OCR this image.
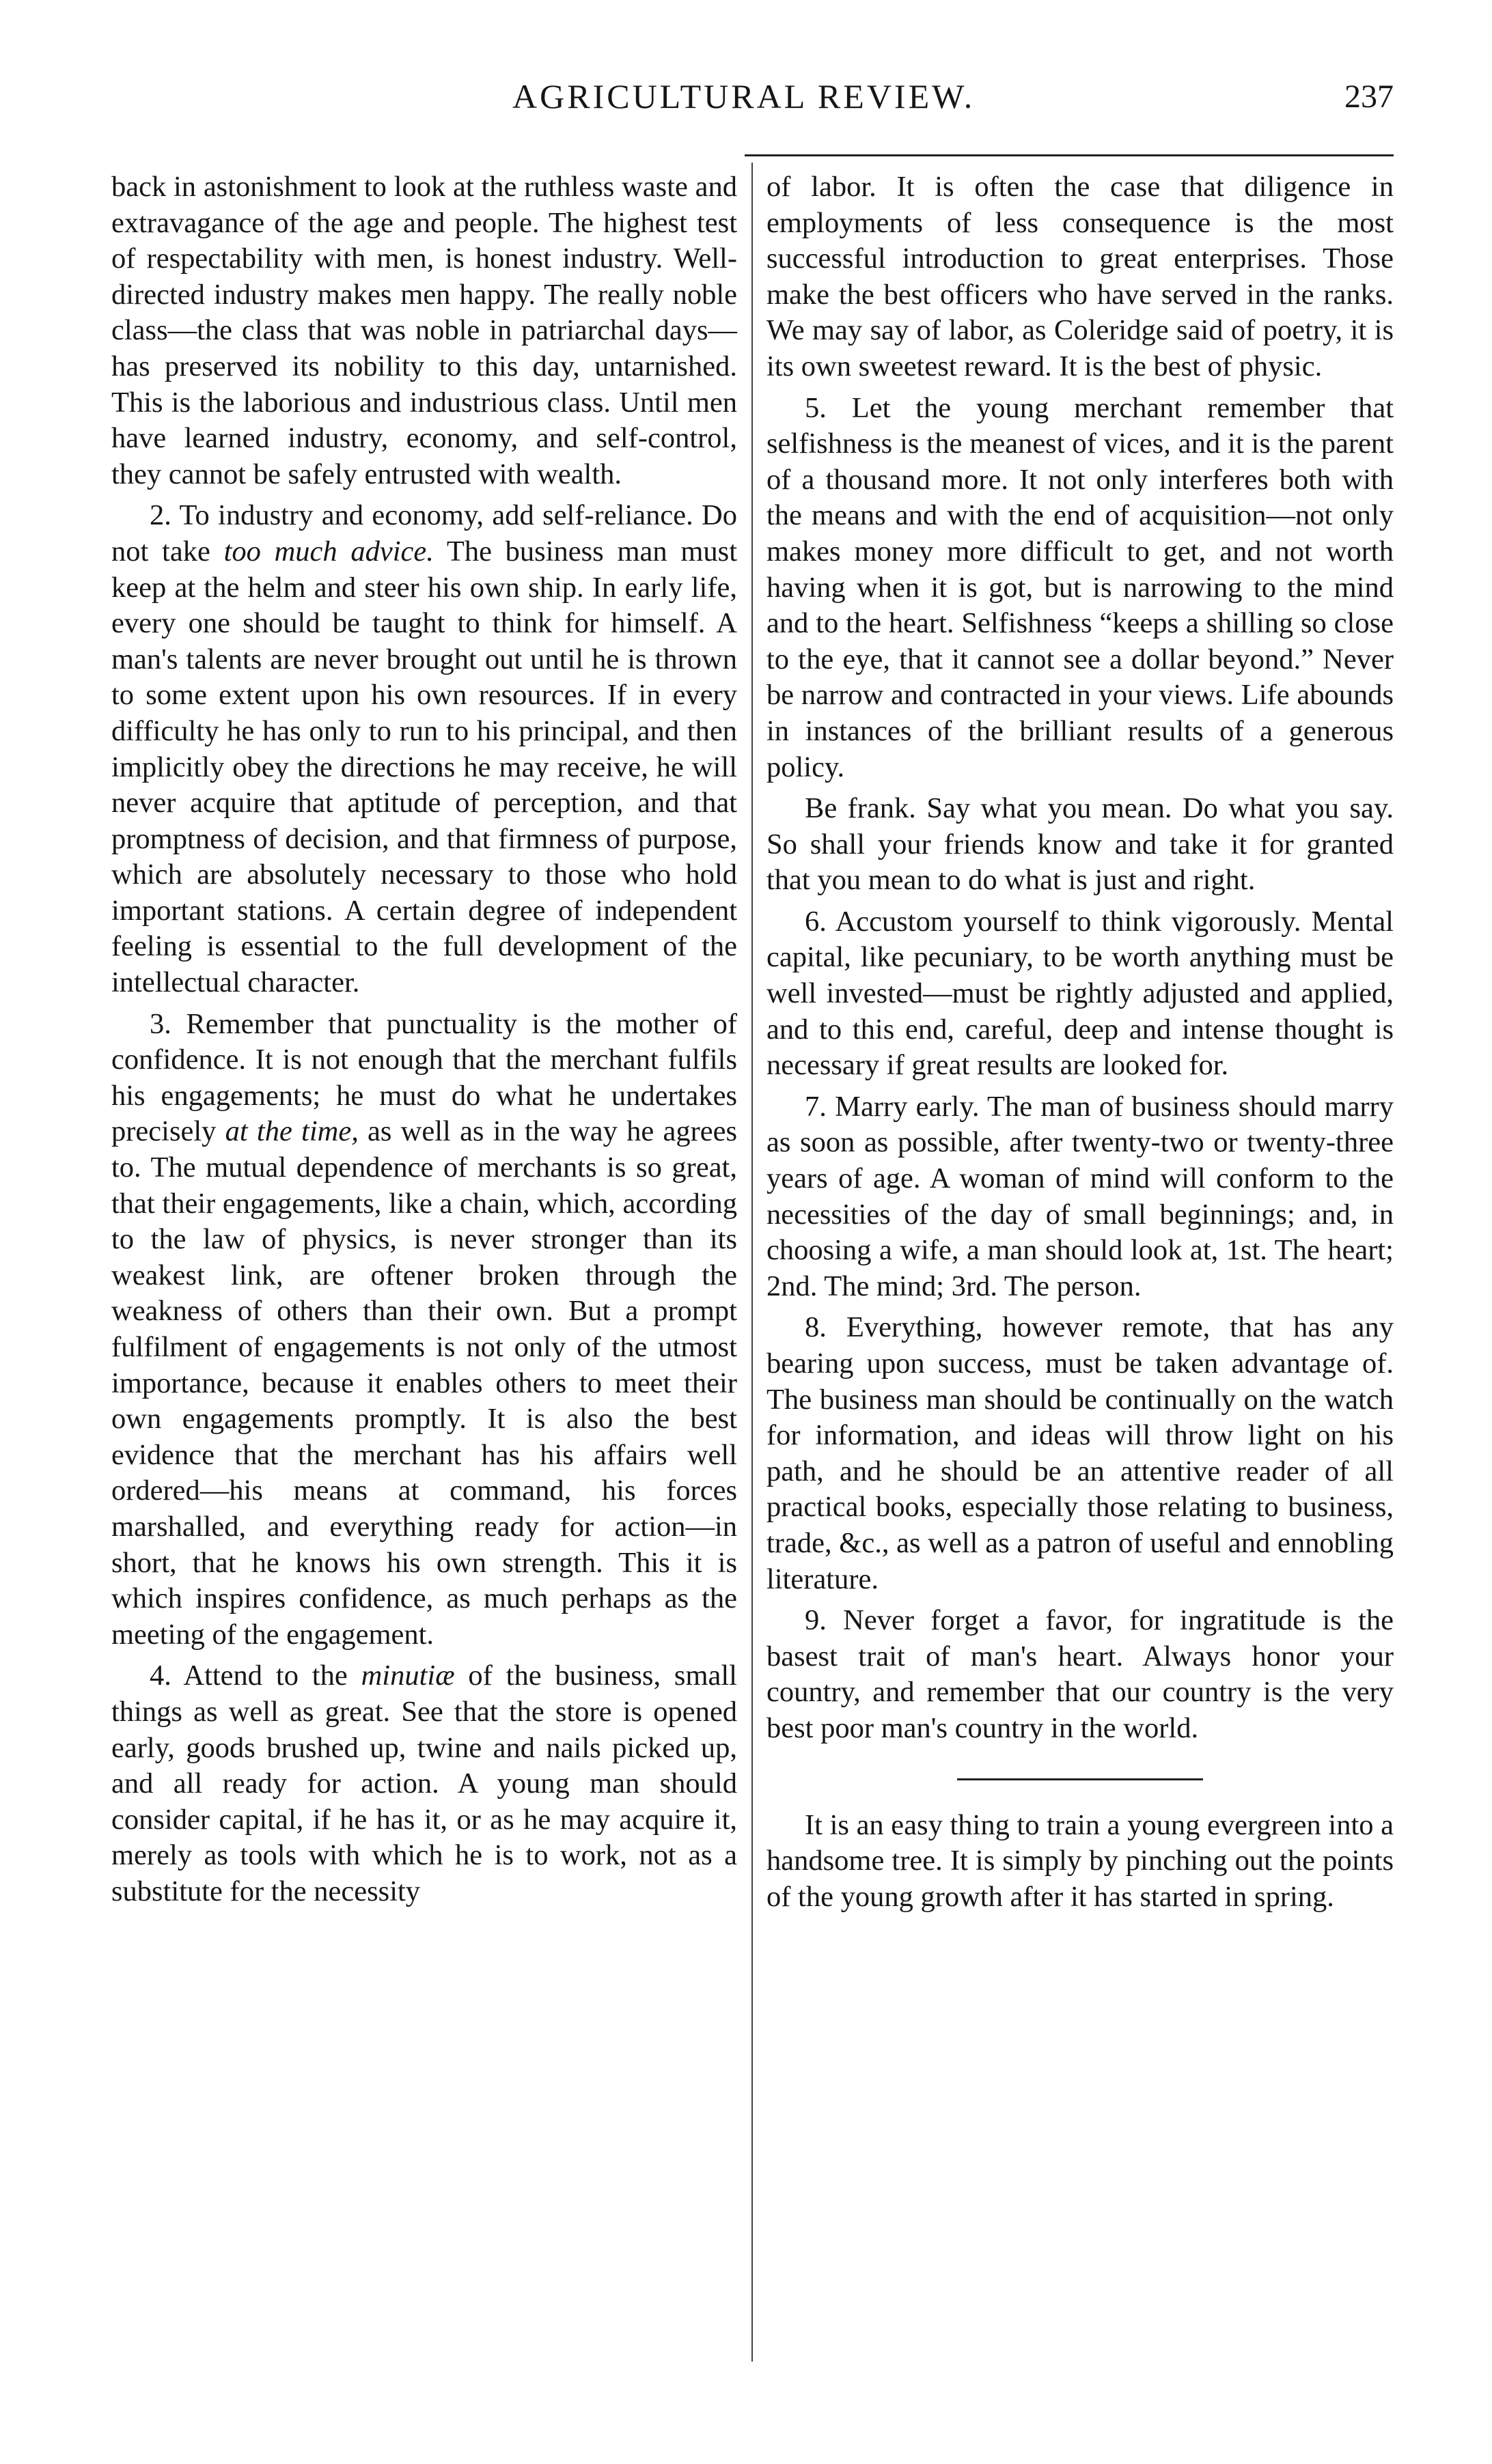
AGRICULTURAL REVIEW.	237

back in astonishment to look at the ruthless waste and extravagance of the age and people. The highest test of respectability with men, is honest industry. Well-directed industry makes men happy. The really noble class—the class that was noble in patriarchal days—has preserved its nobility to this day, untarnished. This is the laborious and industrious class. Until men have learned industry, economy, and self-control, they cannot be safely entrusted with wealth.

2. To industry and economy, add self-reliance. Do not take too much advice. The business man must keep at the helm and steer his own ship. In early life, every one should be taught to think for himself. A man's talents are never brought out until he is thrown to some extent upon his own resources. If in every difficulty he has only to run to his principal, and then implicitly obey the directions he may receive, he will never acquire that aptitude of perception, and that promptness of decision, and that firmness of purpose, which are absolutely necessary to those who hold important stations. A certain degree of independent feeling is essential to the full development of the intellectual character.

3. Remember that punctuality is the mother of confidence. It is not enough that the merchant fulfils his engagements; he must do what he undertakes precisely at the time, as well as in the way he agrees to. The mutual dependence of merchants is so great, that their engagements, like a chain, which, according to the law of physics, is never stronger than its weakest link, are oftener broken through the weakness of others than their own. But a prompt fulfilment of engagements is not only of the utmost importance, because it enables others to meet their own engagements promptly. It is also the best evidence that the merchant has his affairs well ordered—his means at command, his forces marshalled, and everything ready for action—in short, that he knows his own strength. This it is which inspires confidence, as much perhaps as the meeting of the engagement.

4. Attend to the minutiæ of the business, small things as well as great. See that the store is opened early, goods brushed up, twine and nails picked up, and all ready for action. A young man should consider capital, if he has it, or as he may acquire it, merely as tools with which he is to work, not as a substitute for the necessity

of labor. It is often the case that diligence in employments of less consequence is the most successful introduction to great enterprises. Those make the best officers who have served in the ranks. We may say of labor, as Coleridge said of poetry, it is its own sweetest reward. It is the best of physic.

5. Let the young merchant remember that selfishness is the meanest of vices, and it is the parent of a thousand more. It not only interferes both with the means and with the end of acquisition—not only makes money more difficult to get, and not worth having when it is got, but is narrowing to the mind and to the heart. Selfishness “keeps a shilling so close to the eye, that it cannot see a dollar beyond.” Never be narrow and contracted in your views. Life abounds in instances of the brilliant results of a generous policy.

Be frank. Say what you mean. Do what you say. So shall your friends know and take it for granted that you mean to do what is just and right.

6. Accustom yourself to think vigorously. Mental capital, like pecuniary, to be worth anything must be well invested—must be rightly adjusted and applied, and to this end, careful, deep and intense thought is necessary if great results are looked for.

7. Marry early. The man of business should marry as soon as possible, after twenty-two or twenty-three years of age. A woman of mind will conform to the necessities of the day of small beginnings; and, in choosing a wife, a man should look at, 1st. The heart; 2nd. The mind; 3rd. The person.

8. Everything, however remote, that has any bearing upon success, must be taken advantage of. The business man should be continually on the watch for information, and ideas will throw light on his path, and he should be an attentive reader of all practical books, especially those relating to business, trade, &c., as well as a patron of useful and ennobling literature.

9. Never forget a favor, for ingratitude is the basest trait of man's heart. Always honor your country, and remember that our country is the very best poor man's country in the world.

It is an easy thing to train a young evergreen into a handsome tree. It is simply by pinching out the points of the young growth after it has started in spring.
